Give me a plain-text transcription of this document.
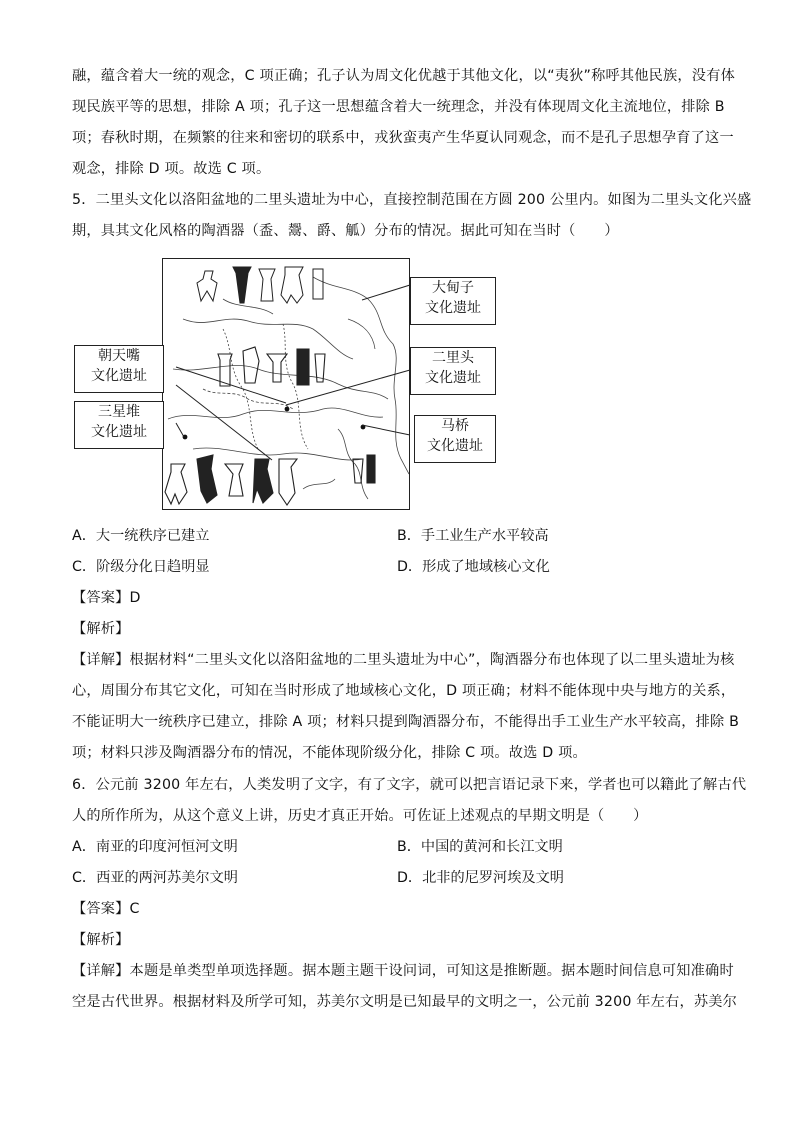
融，蕴含着大一统的观念，C 项正确；孔子认为周文化优越于其他文化，以“夷狄”称呼其他民族，没有体
现民族平等的思想，排除 A 项；孔子这一思想蕴含着大一统理念，并没有体现周文化主流地位，排除 B
项；春秋时期，在频繁的往来和密切的联系中，戎狄蛮夷产生华夏认同观念，而不是孔子思想孕育了这一
观念，排除 D 项。故选 C 项。
5．二里头文化以洛阳盆地的二里头遗址为中心，直接控制范围在方圆 200 公里内。如图为二里头文化兴盛
期，具其文化风格的陶酒器（盉、鬶、爵、觚）分布的情况。据此可知在当时（　　）
大甸子
文化遗址
朝天嘴
文化遗址
二里头
文化遗址
三星堆
文化遗址	马桥
文化遗址
A．大一统秩序已建立	B．手工业生产水平较高
C．阶级分化日趋明显	D．形成了地域核心文化
【答案】D
【解析】
【详解】根据材料“二里头文化以洛阳盆地的二里头遗址为中心”，陶酒器分布也体现了以二里头遗址为核
心，周围分布其它文化，可知在当时形成了地域核心文化，D 项正确；材料不能体现中央与地方的关系，
不能证明大一统秩序已建立，排除 A 项；材料只提到陶酒器分布，不能得出手工业生产水平较高，排除 B
项；材料只涉及陶酒器分布的情况，不能体现阶级分化，排除 C 项。故选 D 项。
6．公元前 3200 年左右，人类发明了文字，有了文字，就可以把言语记录下来，学者也可以籍此了解古代
人的所作所为，从这个意义上讲，历史才真正开始。可佐证上述观点的早期文明是（　　）
A．南亚的印度河恒河文明	B．中国的黄河和长江文明
C．西亚的两河苏美尔文明	D．北非的尼罗河埃及文明
【答案】C
【解析】
【详解】本题是单类型单项选择题。据本题主题干设问词，可知这是推断题。据本题时间信息可知准确时
空是古代世界。根据材料及所学可知，苏美尔文明是已知最早的文明之一，公元前 3200 年左右，苏美尔
